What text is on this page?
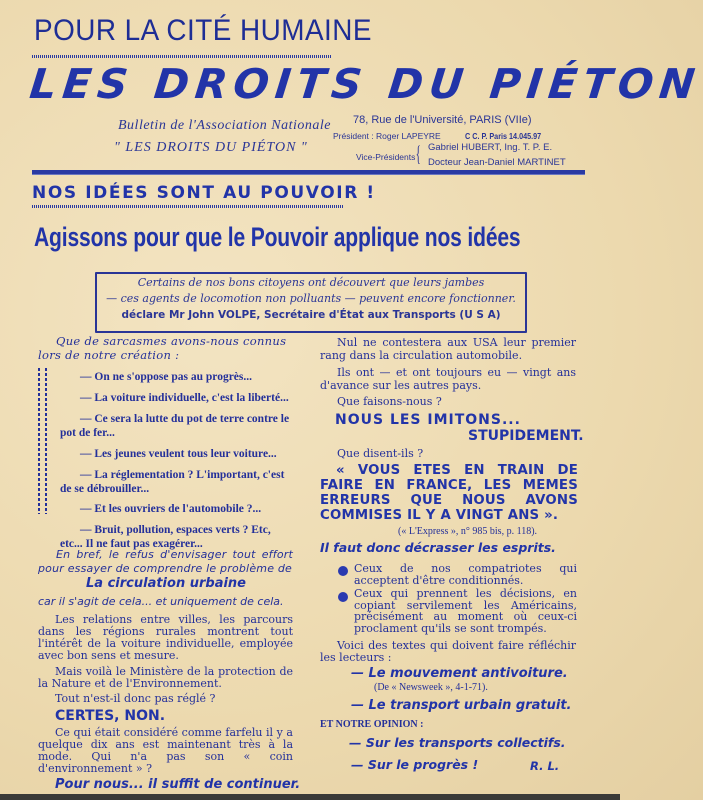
POUR LA CITÉ HUMAINE
LES DROITS DU PIÉTON
Bulletin de l'Association Nationale
" LES DROITS DU PIÉTON "
78, Rue de l'Université, PARIS (VIIe)
Président : Roger LAPEYRE	C C. P. Paris 14.045.97
Vice-Présidents { Gabriel HUBERT, Ing. T. P. E.
Docteur Jean-Daniel MARTINET
NOS IDÉES SONT AU POUVOIR !
Agissons pour que le Pouvoir applique nos idées
Certains de nos bons citoyens ont découvert que leurs jambes
— ces agents de locomotion non polluants — peuvent encore fonctionner.
déclare Mr John VOLPE, Secrétaire d'État aux Transports (U S A)
Que de sarcasmes avons-nous connus lors de notre création :
— On ne s'oppose pas au progrès...
— La voiture individuelle, c'est la liberté...
— Ce sera la lutte du pot de terre contre le pot de fer...
— Les jeunes veulent tous leur voiture...
— La réglementation ? L'important, c'est de se débrouiller...
— Et les ouvriers de l'automobile ?...
— Bruit, pollution, espaces verts ? Etc, etc... Il ne faut pas exagérer...
En bref, le refus d'envisager tout effort pour essayer de comprendre le problème de
La circulation urbaine
car il s'agit de cela... et uniquement de cela.
Les relations entre villes, les parcours dans les régions rurales montrent tout l'intérêt de la voiture individuelle, employée avec bon sens et mesure.
Mais voilà le Ministère de la protection de la Nature et de l'Environnement.
Tout n'est-il donc pas réglé ?
CERTES, NON.
Ce qui était considéré comme farfelu il y a quelque dix ans est maintenant très à la mode. Qui n'a pas son « coin d'environnement » ?
Pour nous... il suffit de continuer.
Nul ne contestera aux USA leur premier rang dans la circulation automobile.
Ils ont — et ont toujours eu — vingt ans d'avance sur les autres pays.
Que faisons-nous ?
NOUS LES IMITONS...
STUPIDEMENT.
Que disent-ils ?
« VOUS ETES EN TRAIN DE FAIRE EN FRANCE, LES MEMES ERREURS QUE NOUS AVONS COMMISES IL Y A VINGT ANS ».
(« L'Express », n° 985 bis, p. 118).
Il faut donc décrasser les esprits.
Ceux de nos compatriotes qui acceptent d'être conditionnés.
Ceux qui prennent les décisions, en copiant servilement les Américains, précisément au moment où ceux-ci proclament qu'ils se sont trompés.
Voici des textes qui doivent faire réfléchir les lecteurs :
— Le mouvement antivoiture.
(De « Newsweek », 4-1-71).
— Le transport urbain gratuit.
ET NOTRE OPINION :
— Sur les transports collectifs.
— Sur le progrès !	R. L.
